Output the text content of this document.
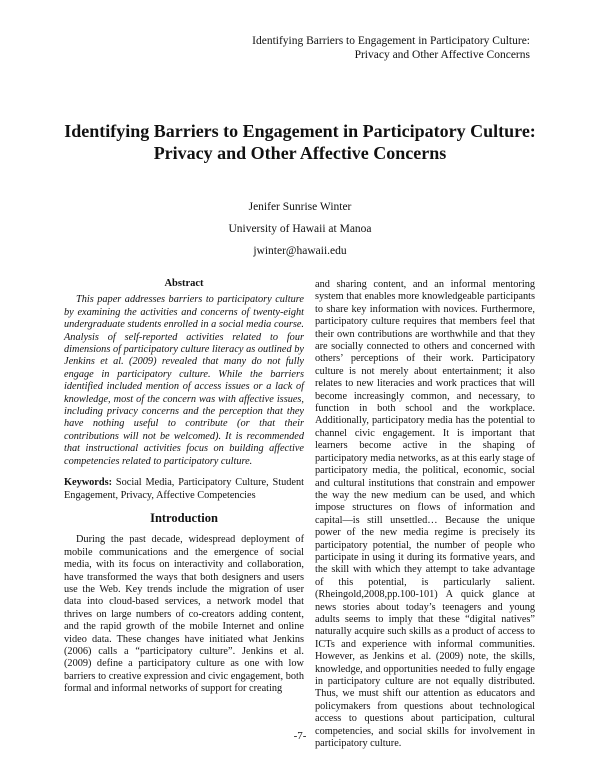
Identifying Barriers to Engagement in Participatory Culture:
Privacy and Other Affective Concerns
Identifying Barriers to Engagement in Participatory Culture:
Privacy and Other Affective Concerns
Jenifer Sunrise Winter
University of Hawaii at Manoa
jwinter@hawaii.edu
Abstract

This paper addresses barriers to participatory culture by examining the activities and concerns of twenty-eight undergraduate students enrolled in a social media course. Analysis of self-reported activities related to four dimensions of participatory culture literacy as outlined by Jenkins et al. (2009) revealed that many do not fully engage in participatory culture. While the barriers identified included mention of access issues or a lack of knowledge, most of the concern was with affective issues, including privacy concerns and the perception that they have nothing useful to contribute (or that their contributions will not be welcomed). It is recommended that instructional activities focus on building affective competencies related to participatory culture.

Keywords: Social Media, Participatory Culture, Student Engagement, Privacy, Affective Competencies

Introduction

During the past decade, widespread deployment of mobile communications and the emergence of social media, with its focus on interactivity and collaboration, have transformed the ways that both designers and users use the Web. Key trends include the migration of user data into cloud-based services, a network model that thrives on large numbers of co-creators adding content, and the rapid growth of the mobile Internet and online video data. These changes have initiated what Jenkins (2006) calls a “participatory culture”. Jenkins et al. (2009) define a participatory culture as one with low barriers to creative expression and civic engagement, both formal and informal networks of support for creating

and sharing content, and an informal mentoring system that enables more knowledgeable participants to share key information with novices. Furthermore, participatory culture requires that members feel that their own contributions are worthwhile and that they are socially connected to others and concerned with others’ perceptions of their work. Participatory culture is not merely about entertainment; it also relates to new literacies and work practices that will become increasingly common, and necessary, to function in both school and the workplace. Additionally, participatory media has the potential to channel civic engagement. It is important that learners become active in the shaping of participatory media networks, as at this early stage of participatory media, the political, economic, social and cultural institutions that constrain and empower the way the new medium can be used, and which impose structures on flows of information and capital—is still unsettled… Because the unique power of the new media regime is precisely its participatory potential, the number of people who participate in using it during its formative years, and the skill with which they attempt to take advantage of this potential, is particularly salient. (Rheingold,2008,pp.100-101) A quick glance at news stories about today’s teenagers and young adults seems to imply that these “digital natives” naturally acquire such skills as a product of access to ICTs and experience with informal communities. However, as Jenkins et al. (2009) note, the skills, knowledge, and opportunities needed to fully engage in participatory culture are not equally distributed. Thus, we must shift our attention as educators and policymakers from questions about technological access to questions about participation, cultural competencies, and social skills for involvement in participatory culture.

-7-
